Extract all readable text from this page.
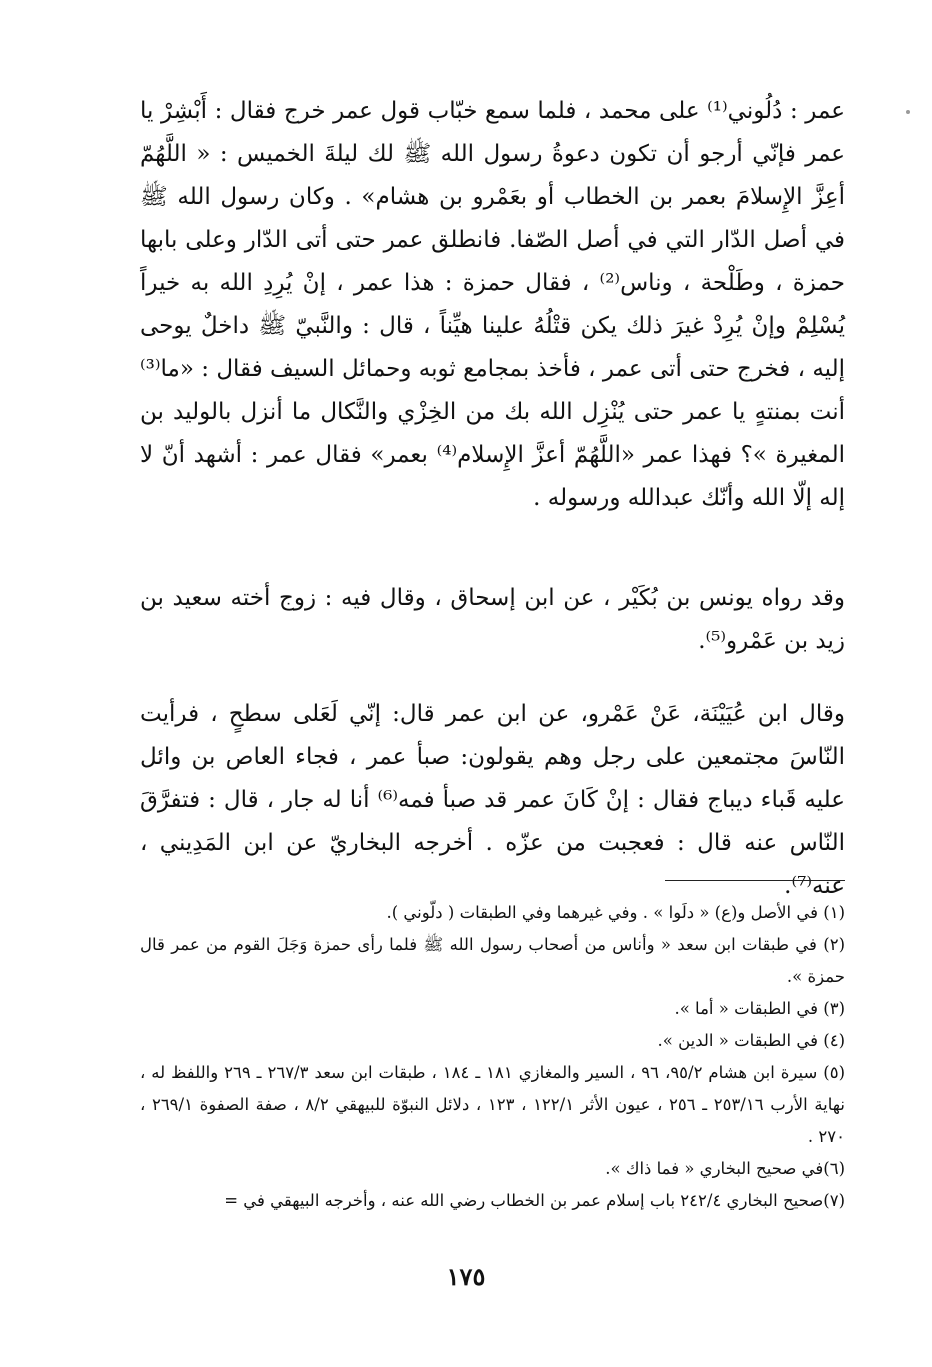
عمر : دُلُوني⁽¹⁾ على محمد ، فلما سمع خبّاب قول عمر خرج فقال : أَبْشِرْ يا عمر فإنّي أرجو أن تكون دعوةُ رسول الله ﷺ لك ليلةَ الخميس : « اللَّهُمّ أعِزَّ الإِسلامَ بعمر بن الخطاب أو بعَمْرو بن هشام» . وكان رسول الله ﷺ في أصل الدّار التي في أصل الصّفا. فانطلق عمر حتى أتى الدّار وعلى بابها حمزة ، وطَلْحة ، وناس⁽²⁾ ، فقال حمزة : هذا عمر ، إنْ يُرِدِ الله به خيراً يُسْلِمْ وإنْ يُرِدْ غيرَ ذلك يكن قتْلُهُ علينا هيِّناً ، قال : والنَّبيّ ﷺ داخلٌ يوحى إليه ، فخرج حتى أتى عمر ، فأخذ بمجامع ثوبه وحمائل السيف فقال : «ما⁽³⁾ أنت بمنتهٍ يا عمر حتى يُنْزِل الله بك من الخِزْي والنَّكال ما أنزل بالوليد بن المغيرة »؟ فهذا عمر «اللَّهُمّ أعزَّ الإِسلام⁽⁴⁾ بعمر» فقال عمر : أشهد أنّ لا إله إلّا الله وأنّك عبدالله ورسوله .

وقد رواه يونس بن بُكَيْر ، عن ابن إسحاق ، وقال فيه : زوج أخته سعيد بن زيد بن عَمْرو⁽⁵⁾.

وقال ابن عُيَيْنَة، عَنْ عَمْرو، عن ابن عمر قال: إنّي لَعَلى سطحٍ ، فرأيت النّاسَ مجتمعين على رجل وهم يقولون: صبأ عمر ، فجاء العاص بن وائل عليه قَباء ديباج فقال : إنْ كَانَ عمر قد صبأ فمه⁽⁶⁾ أنا له جار ، قال : فتفرَّقَ النّاس عنه قال : فعجبت من عزّه . أخرجه البخاريّ عن ابن المَدِيني ، عنه⁽⁷⁾.

(١) في الأصل و(ع) « دلَوا » . وفي غيرهما وفي الطبقات ( دلّوني ).

(٢) في طبقات ابن سعد « وأناس من أصحاب رسول الله ﷺ فلما رأى حمزة وَجَلَ القوم من عمر قال حمزة ».

(٣) في الطبقات « أما ».

(٤) في الطبقات « الدين ».

(٥) سيرة ابن هشام ٩٥/٢، ٩٦ ، السير والمغازي ١٨١ ـ ١٨٤ ، طبقات ابن سعد ٢٦٧/٣ ـ ٢٦٩ واللفظ له ، نهاية الأرب ٢٥٣/١٦ ـ ٢٥٦ ، عيون الأثر ١٢٢/١ ، ١٢٣ ، دلائل النبوّة للبيهقي ٨/٢ ، صفة الصفوة ٢٦٩/١ ، ٢٧٠ .

(٦)في صحيح البخاري « فما ذاك ».

(٧)صحيح البخاري ٢٤٢/٤ باب إسلام عمر بن الخطاب رضي الله عنه ، وأخرجه البيهقي في =

١٧٥
